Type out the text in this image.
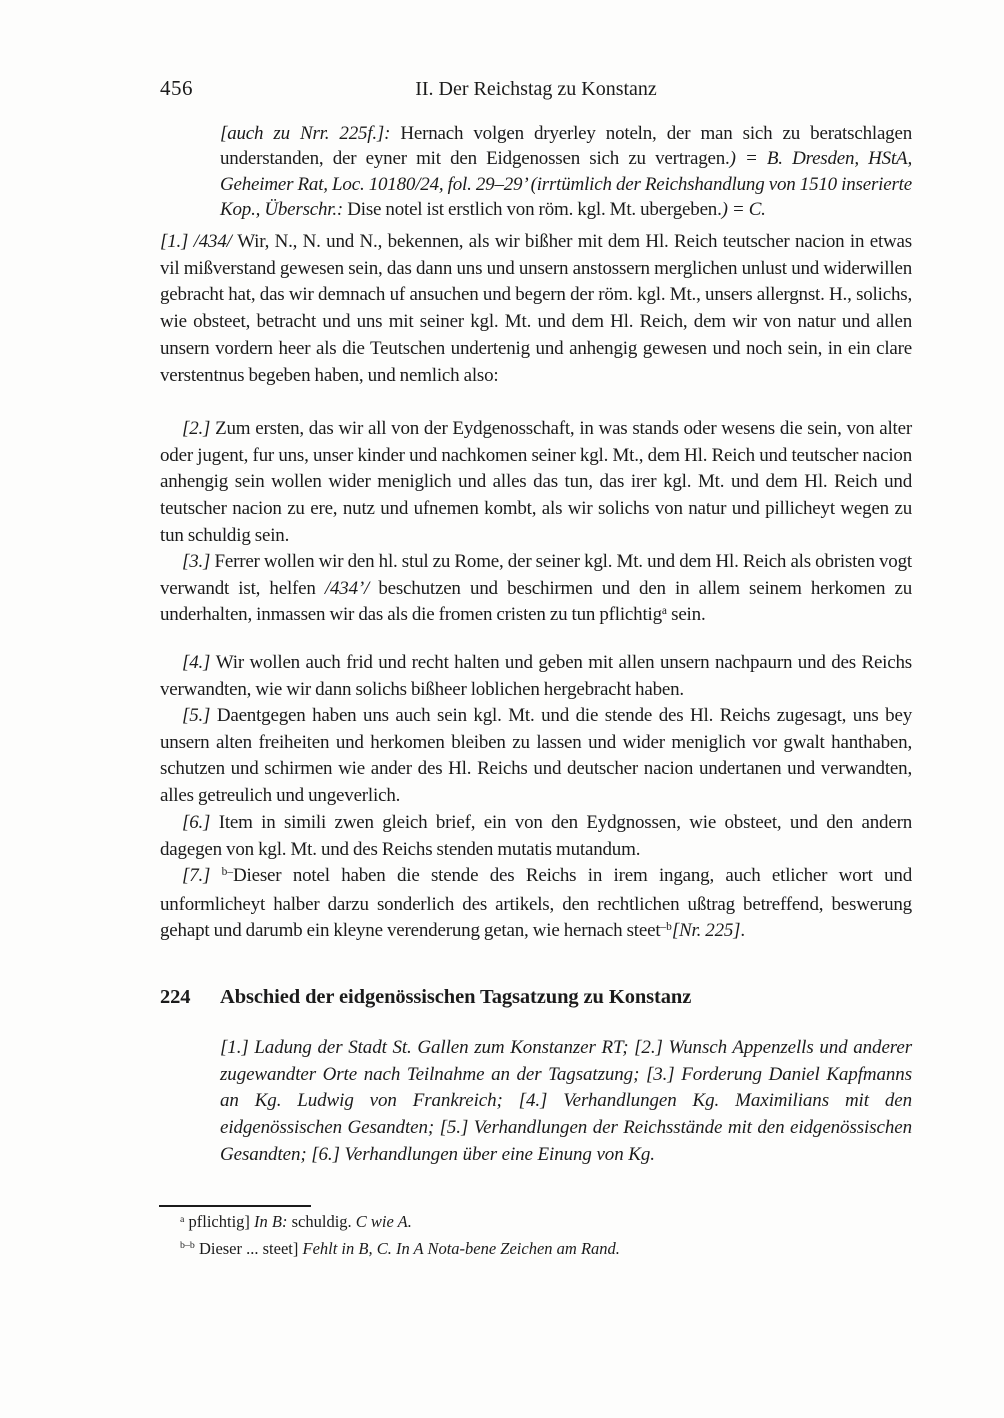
456	II. Der Reichstag zu Konstanz
[auch zu Nrr. 225f.]: Hernach volgen dryerley noteln, der man sich zu beratschlagen understanden, der eyner mit den Eidgenossen sich zu vertragen.) = B. Dresden, HStA, Geheimer Rat, Loc. 10180/24, fol. 29–29’ (irrtümlich der Reichshandlung von 1510 inserierte Kop., Überschr.: Dise notel ist erstlich von röm. kgl. Mt. ubergeben.) = C.

[1.] /434/ Wir, N., N. und N., bekennen, als wir bißher mit dem Hl. Reich teutscher nacion in etwas vil mißverstand gewesen sein, das dann uns und unsern anstossern merglichen unlust und widerwillen gebracht hat, das wir demnach uf ansuchen und begern der röm. kgl. Mt., unsers allergnst. H., solichs, wie obsteet, betracht und uns mit seiner kgl. Mt. und dem Hl. Reich, dem wir von natur und allen unsern vordern heer als die Teutschen undertenig und anhengig gewesen und noch sein, in ein clare verstentnus begeben haben, und nemlich also:

[2.] Zum ersten, das wir all von der Eydgenosschaft, in was stands oder wesens die sein, von alter oder jugent, fur uns, unser kinder und nachkomen seiner kgl. Mt., dem Hl. Reich und teutscher nacion anhengig sein wollen wider meniglich und alles das tun, das irer kgl. Mt. und dem Hl. Reich und teutscher nacion zu ere, nutz und ufnemen kombt, als wir solichs von natur und pillicheyt wegen zu tun schuldig sein.

[3.] Ferrer wollen wir den hl. stul zu Rome, der seiner kgl. Mt. und dem Hl. Reich als obristen vogt verwandt ist, helfen /434’/ beschutzen und beschirmen und den in allem seinem herkomen zu underhalten, inmassen wir das als die fromen cristen zu tun pflichtig$^a$ sein.

[4.] Wir wollen auch frid und recht halten und geben mit allen unsern nachpaurn und des Reichs verwandten, wie wir dann solichs bißheer loblichen hergebracht haben.

[5.] Daentgegen haben uns auch sein kgl. Mt. und die stende des Hl. Reichs zugesagt, uns bey unsern alten freiheiten und herkomen bleiben zu lassen und wider meniglich vor gwalt hanthaben, schutzen und schirmen wie ander des Hl. Reichs und deutscher nacion undertanen und verwandten, alles getreulich und ungeverlich.

[6.] Item in simili zwen gleich brief, ein von den Eydgnossen, wie obsteet, und den andern dagegen von kgl. Mt. und des Reichs stenden mutatis mutandum.

[7.] $^{b-}$Dieser notel haben die stende des Reichs in irem ingang, auch etlicher wort und unformlicheyt halber darzu sonderlich des artikels, den rechtlichen ußtrag betreffend, beswerung gehapt und darumb ein kleyne verenderung getan, wie hernach steet$^{-b}$[Nr. 225].

224	Abschied der eidgenössischen Tagsatzung zu Konstanz
[1.] Ladung der Stadt St. Gallen zum Konstanzer RT; [2.] Wunsch Appenzells und anderer zugewandter Orte nach Teilnahme an der Tagsatzung; [3.] Forderung Daniel Kapfmanns an Kg. Ludwig von Frankreich; [4.] Verhandlungen Kg. Maximilians mit den eidgenössischen Gesandten; [5.] Verhandlungen der Reichsstände mit den eidgenössischen Gesandten; [6.] Verhandlungen über eine Einung von Kg.
$^a$ pflichtig] In B: schuldig. C wie A.
$^{b-b}$ Dieser ... steet] Fehlt in B, C. In A Nota-bene Zeichen am Rand.
